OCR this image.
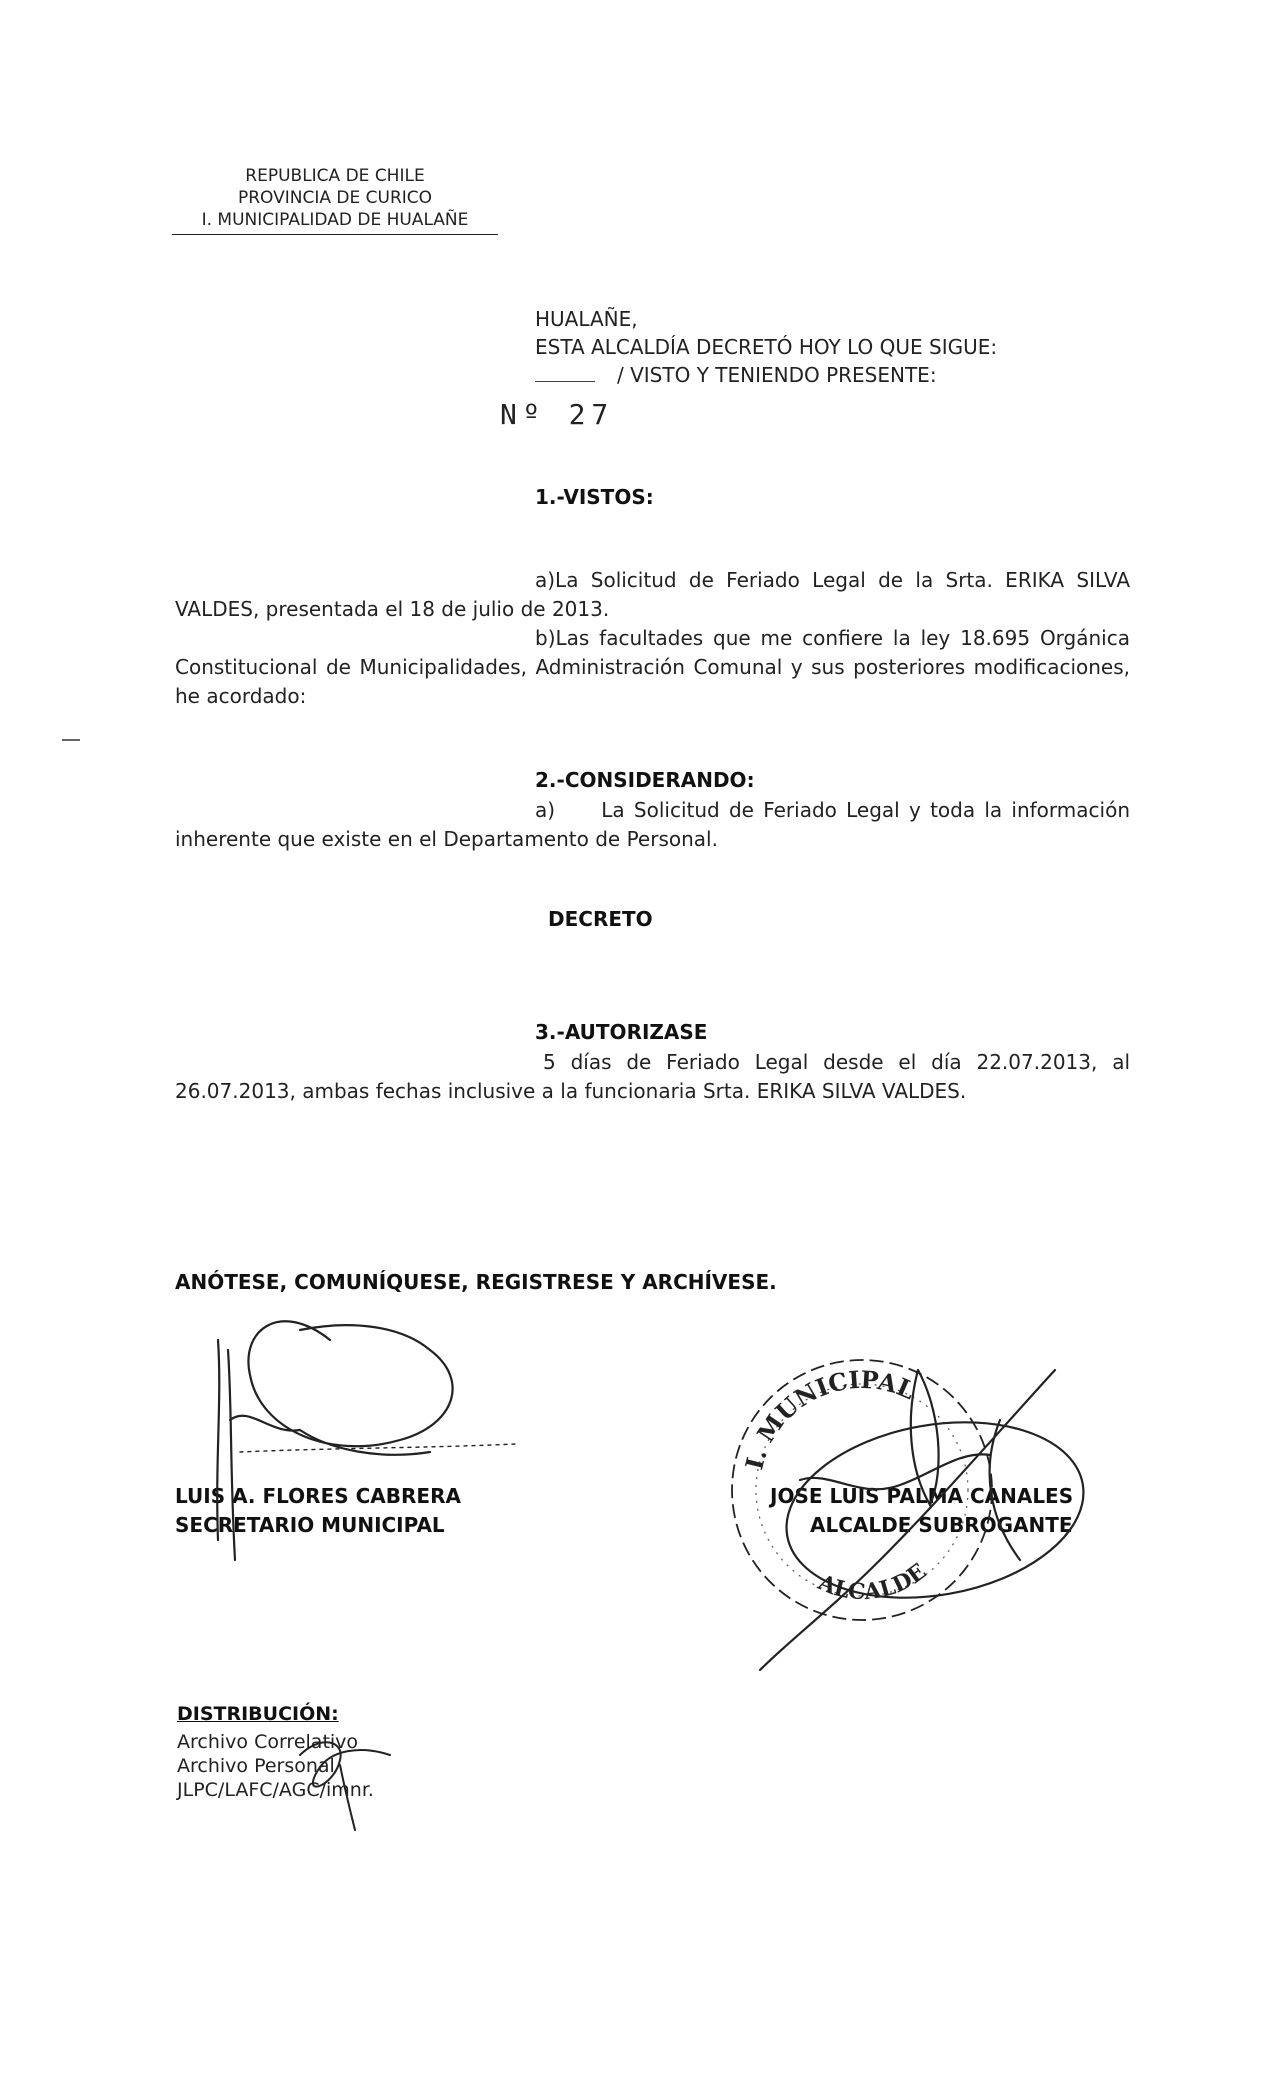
REPUBLICA DE CHILE
PROVINCIA DE CURICO
I. MUNICIPALIDAD DE HUALAÑE
HUALAÑE,
ESTA ALCALDÍA DECRETÓ HOY LO QUE SIGUE:
/ VISTO Y TENIENDO PRESENTE:
Nº 27
1.-VISTOS:
a)La Solicitud de Feriado Legal de la Srta. ERIKA SILVA VALDES, presentada el 18 de julio de 2013.
b)Las facultades que me confiere la ley 18.695 Orgánica Constitucional de Municipalidades, Administración Comunal y sus posteriores modificaciones, he acordado:
2.-CONSIDERANDO:
a)     La Solicitud de Feriado Legal y toda la información inherente que existe en el Departamento de Personal.
DECRETO
3.-AUTORIZASE
5 días de Feriado Legal desde el día 22.07.2013, al 26.07.2013, ambas fechas inclusive a la funcionaria Srta. ERIKA SILVA VALDES.
ANÓTESE, COMUNÍQUESE, REGISTRESE Y ARCHÍVESE.
LUIS A. FLORES CABRERA
SECRETARIO MUNICIPAL
JOSE LUIS PALMA CANALES
ALCALDE SUBROGANTE
I. MUNICIPAL
ALCALDE
DISTRIBUCIÓN:
Archivo Correlativo
Archivo Personal
JLPC/LAFC/AGC/imnr.
